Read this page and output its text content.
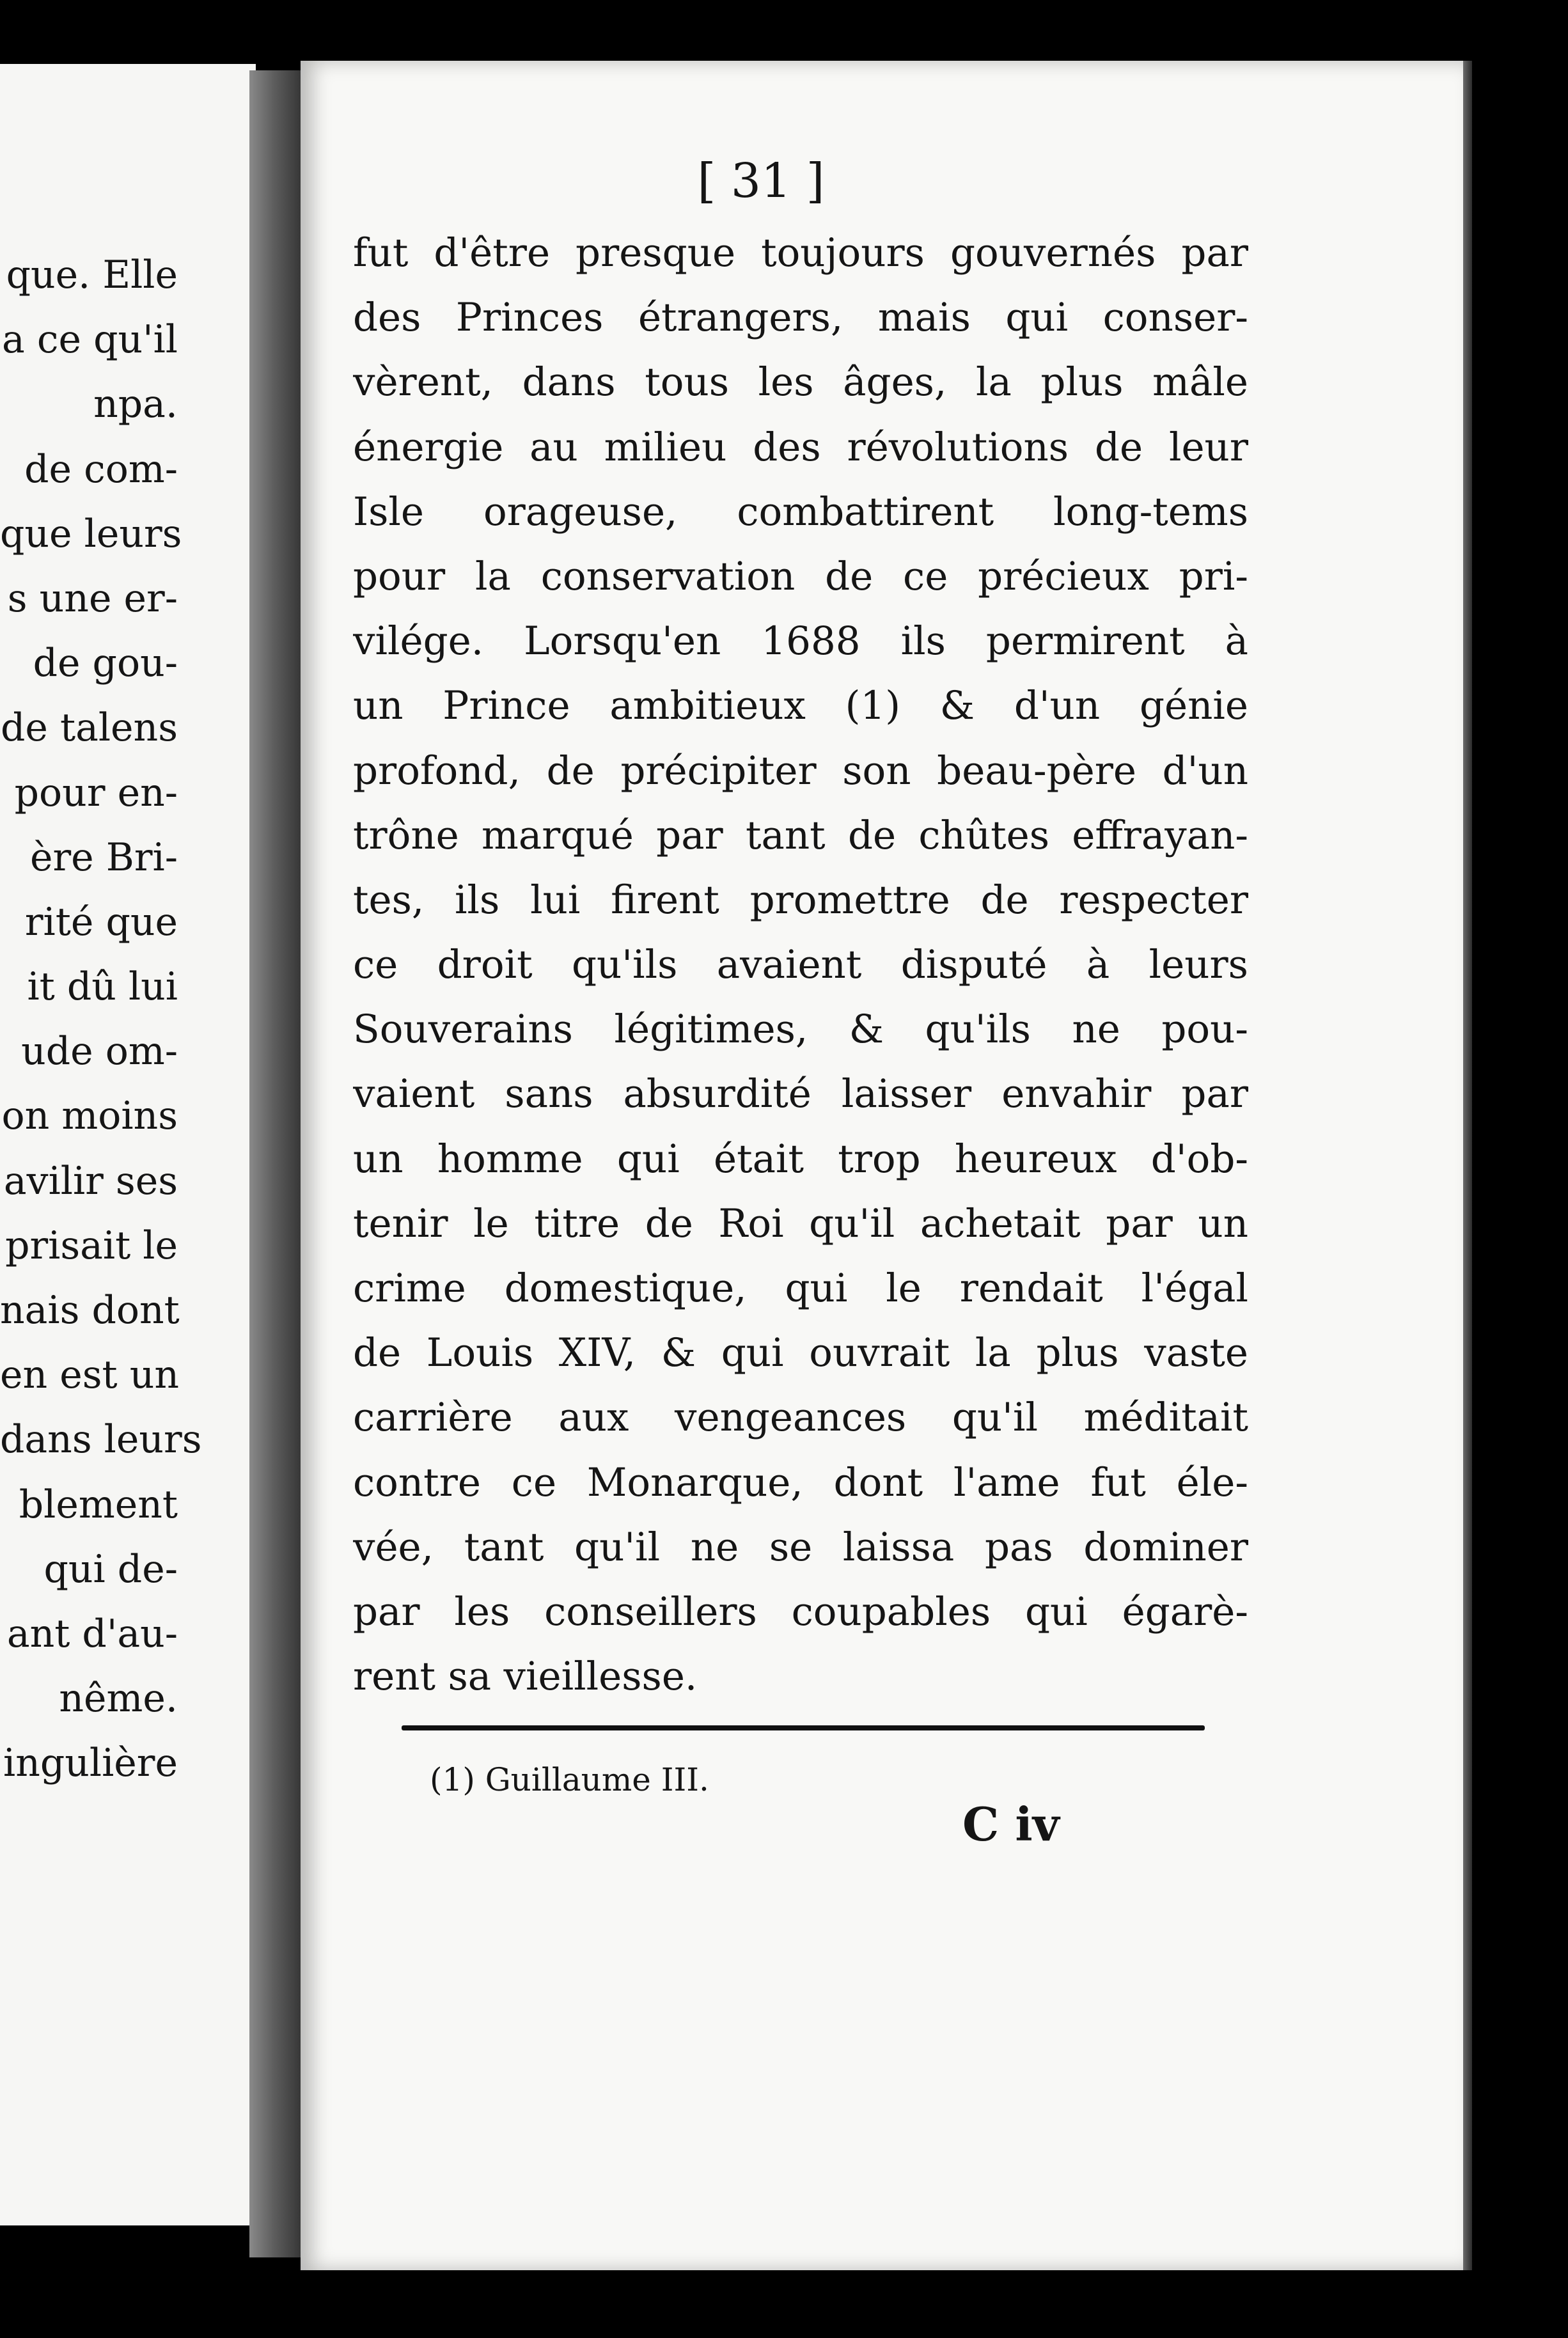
que. Elle
a ce qu'il
npa.
de com-
que leurs
s une er-
de gou-
de talens
pour en-
ère Bri-
rité que
it dû lui
ude om-
on moins
avilir ses
prisait le
nais dont
en est un
dans leurs
blement
qui de-
ant d'au-
nême.
ingulière
[ 31 ]
fut d'être presque toujours gouvernés par
des Princes étrangers, mais qui conser-
vèrent, dans tous les âges, la plus mâle
énergie au milieu des révolutions de leur
Isle orageuse, combattirent long-tems
pour la conservation de ce précieux pri-
vilége. Lorsqu'en 1688 ils permirent à
un Prince ambitieux (1) & d'un génie
profond, de précipiter son beau-père d'un
trône marqué par tant de chûtes effrayan-
tes, ils lui firent promettre de respecter
ce droit qu'ils avaient disputé à leurs
Souverains légitimes, & qu'ils ne pou-
vaient sans absurdité laisser envahir par
un homme qui était trop heureux d'ob-
tenir le titre de Roi qu'il achetait par un
crime domestique, qui le rendait l'égal
de Louis XIV, & qui ouvrait la plus vaste
carrière aux vengeances qu'il méditait
contre ce Monarque, dont l'ame fut éle-
vée, tant qu'il ne se laissa pas dominer
par les conseillers coupables qui égarè-
rent sa vieillesse.
(1) Guillaume III.
C iv
